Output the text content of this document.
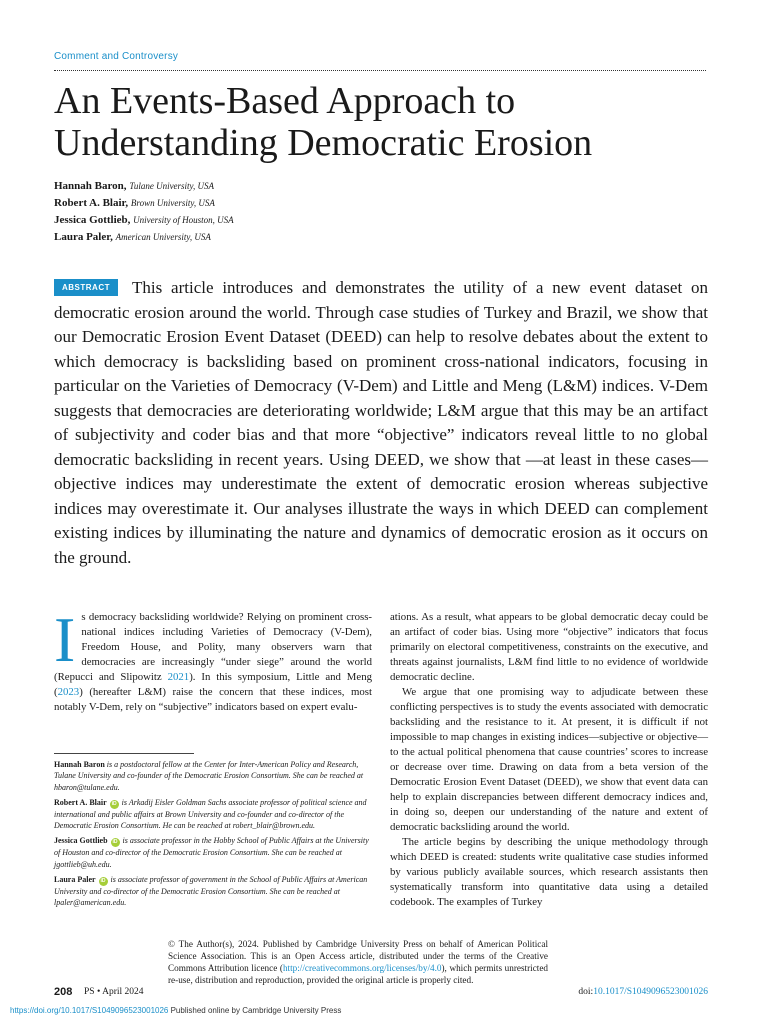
Comment and Controversy
An Events-Based Approach to
Understanding Democratic Erosion
Hannah Baron, Tulane University, USA
Robert A. Blair, Brown University, USA
Jessica Gottlieb, University of Houston, USA
Laura Paler, American University, USA
ABSTRACT This article introduces and demonstrates the utility of a new event dataset on democratic erosion around the world. Through case studies of Turkey and Brazil, we show that our Democratic Erosion Event Dataset (DEED) can help to resolve debates about the extent to which democracy is backsliding based on prominent cross-national indicators, focusing in particular on the Varieties of Democracy (V-Dem) and Little and Meng (L&M) indices. V-Dem suggests that democracies are deteriorating worldwide; L&M argue that this may be an artifact of subjectivity and coder bias and that more “objective” indicators reveal little to no global democratic backsliding in recent years. Using DEED, we show that —at least in these cases—objective indices may underestimate the extent of democratic erosion whereas subjective indices may overestimate it. Our analyses illustrate the ways in which DEED can complement existing indices by illuminating the nature and dynamics of democratic erosion as it occurs on the ground.

Is democracy backsliding worldwide? Relying on prominent cross-national indices including Varieties of Democracy (V-Dem), Freedom House, and Polity, many observers warn that democracies are increasingly “under siege” around the world (Repucci and Slipowitz 2021). In this symposium, Little and Meng (2023) (hereafter L&M) raise the concern that these indices, most notably V-Dem, rely on “subjective” indicators based on expert evalu-

Hannah Baron is a postdoctoral fellow at the Center for Inter-American Policy and Research, Tulane University and co-founder of the Democratic Erosion Consortium. She can be reached at hbaron@tulane.edu.

Robert A. Blair iD is Arkadij Eisler Goldman Sachs associate professor of political science and international and public affairs at Brown University and co-founder and co-director of the Democratic Erosion Consortium. He can be reached at robert_blair@brown.edu.

Jessica Gottlieb iD is associate professor in the Hobby School of Public Affairs at the University of Houston and co-director of the Democratic Erosion Consortium. She can be reached at jgottlieb@uh.edu.

Laura Paler iD is associate professor of government in the School of Public Affairs at American University and co-director of the Democratic Erosion Consortium. She can be reached at lpaler@american.edu.

ations. As a result, what appears to be global democratic decay could be an artifact of coder bias. Using more “objective” indicators that focus primarily on electoral competitiveness, constraints on the executive, and threats against journalists, L&M find little to no evidence of worldwide democratic decline.

We argue that one promising way to adjudicate between these conflicting perspectives is to study the events associated with democratic backsliding and the resistance to it. At present, it is difficult if not impossible to map changes in existing indices—subjective or objective—to the actual political phenomena that cause countries’ scores to increase or decrease over time. Drawing on data from a beta version of the Democratic Erosion Event Dataset (DEED), we show that event data can help to explain discrepancies between different democracy indices and, in doing so, deepen our understanding of the nature and extent of democratic backsliding around the world.

The article begins by describing the unique methodology through which DEED is created: students write qualitative case studies informed by various publicly available sources, which research assistants then systematically transform into quantitative data using a detailed codebook. The examples of Turkey

© The Author(s), 2024. Published by Cambridge University Press on behalf of American Political Science Association. This is an Open Access article, distributed under the terms of the Creative Commons Attribution licence (http://creativecommons.org/licenses/by/4.0), which permits unrestricted re-use, distribution and reproduction, provided the original article is properly cited.
208 PS • April 2024	doi:10.1017/S1049096523001026
https://doi.org/10.1017/S1049096523001026 Published online by Cambridge University Press
